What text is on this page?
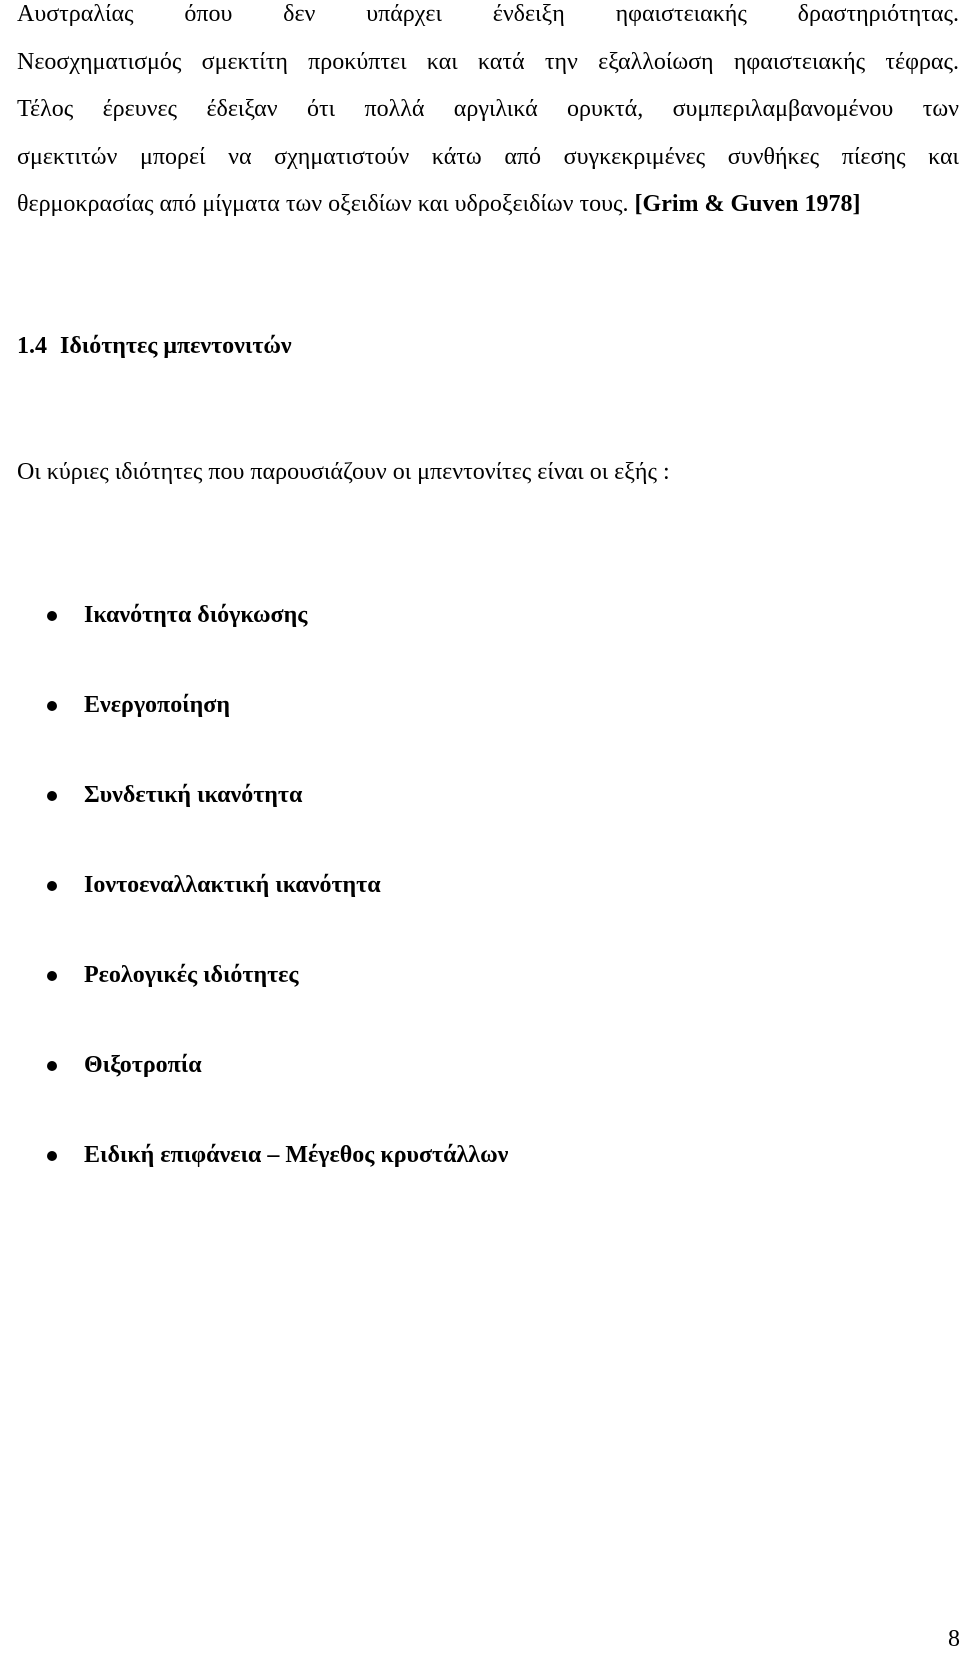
Αυστραλίας όπου δεν υπάρχει ένδειξη ηφαιστειακής δραστηριότητας.
Νεοσχηματισμός σμεκτίτη προκύπτει και κατά την εξαλλοίωση ηφαιστειακής τέφρας.
Τέλος έρευνες έδειξαν ότι πολλά αργιλικά ορυκτά, συμπεριλαμβανομένου των
σμεκτιτών μπορεί να σχηματιστούν κάτω από συγκεκριμένες συνθήκες πίεσης και
θερμοκρασίας από μίγματα των οξειδίων και υδροξειδίων τους. [Grim & Guven 1978]

1.4 Ιδιότητες μπεντονιτών

Οι κύριες ιδιότητες που παρουσιάζουν οι μπεντονίτες είναι οι εξής :

Ικανότητα διόγκωσης
Ενεργοποίηση
Συνδετική ικανότητα
Ιοντοεναλλακτική ικανότητα
Ρεολογικές ιδιότητες
Θιξοτροπία
Ειδική επιφάνεια – Μέγεθος κρυστάλλων
8
